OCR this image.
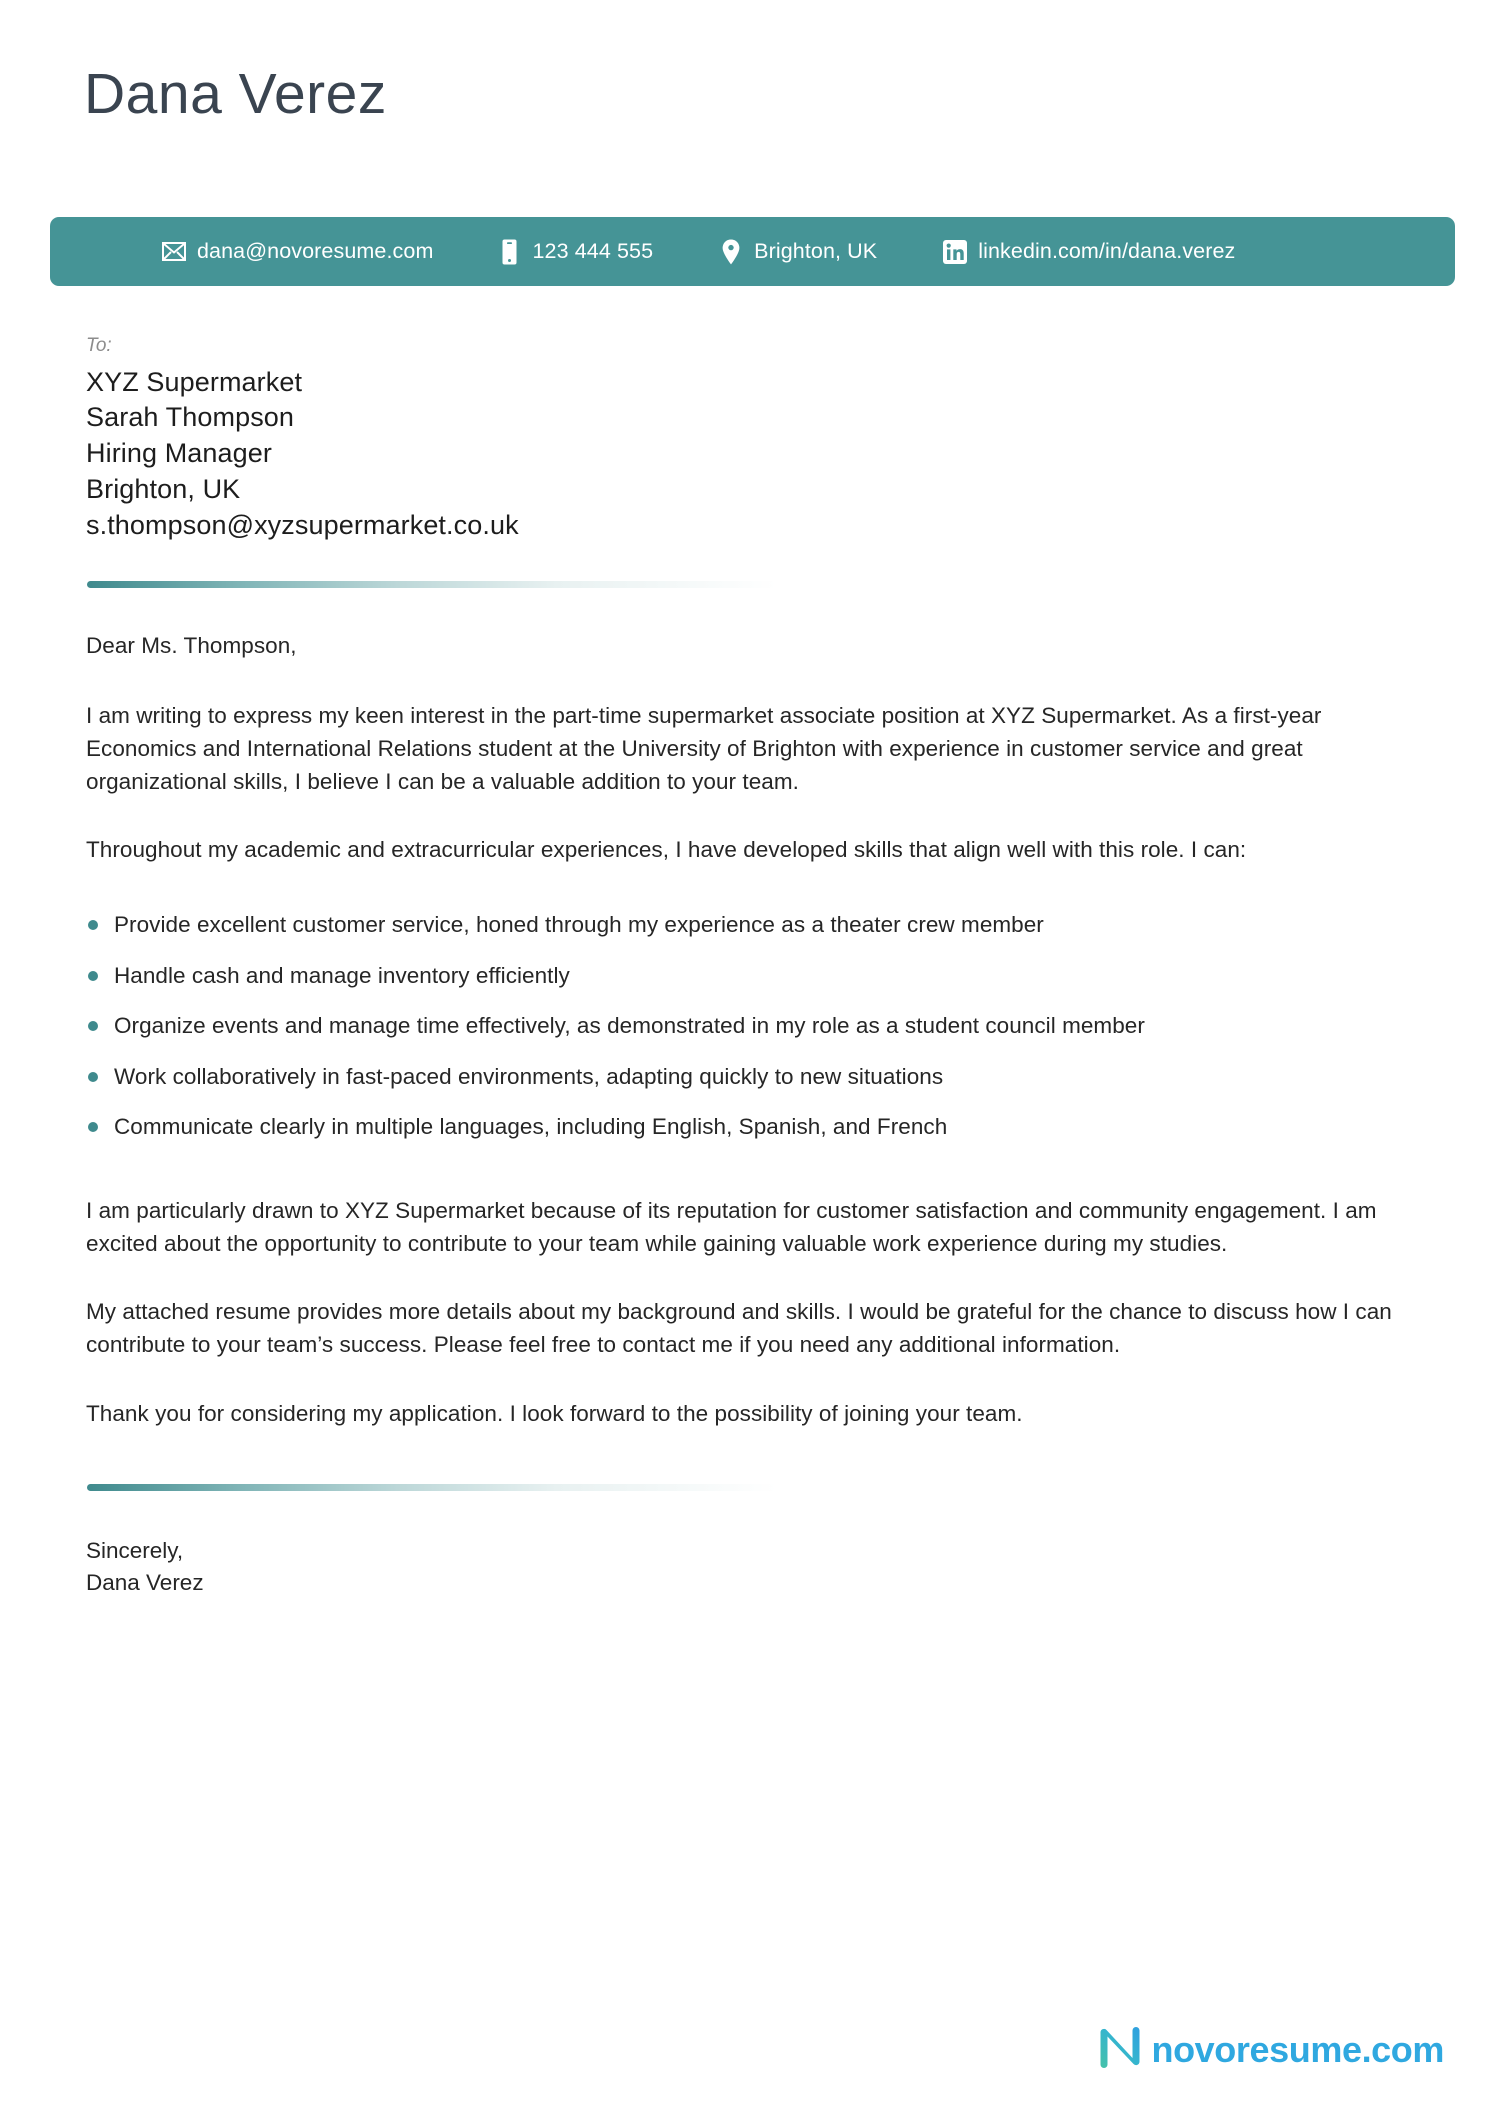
Dana Verez
dana@novoresume.com	123 444 555	Brighton, UK	linkedin.com/in/dana.verez
To:
XYZ Supermarket
Sarah Thompson
Hiring Manager
Brighton, UK
s.thompson@xyzsupermarket.co.uk

Dear Ms. Thompson,

I am writing to express my keen interest in the part-time supermarket associate position at XYZ Supermarket. As a first-year Economics and International Relations student at the University of Brighton with experience in customer service and great organizational skills, I believe I can be a valuable addition to your team.

Throughout my academic and extracurricular experiences, I have developed skills that align well with this role. I can:

Provide excellent customer service, honed through my experience as a theater crew member
Handle cash and manage inventory efficiently
Organize events and manage time effectively, as demonstrated in my role as a student council member
Work collaboratively in fast-paced environments, adapting quickly to new situations
Communicate clearly in multiple languages, including English, Spanish, and French

I am particularly drawn to XYZ Supermarket because of its reputation for customer satisfaction and community engagement. I am excited about the opportunity to contribute to your team while gaining valuable work experience during my studies.

My attached resume provides more details about my background and skills. I would be grateful for the chance to discuss how I can contribute to your team’s success. Please feel free to contact me if you need any additional information.

Thank you for considering my application. I look forward to the possibility of joining your team.

Sincerely,
Dana Verez
novoresume.com
